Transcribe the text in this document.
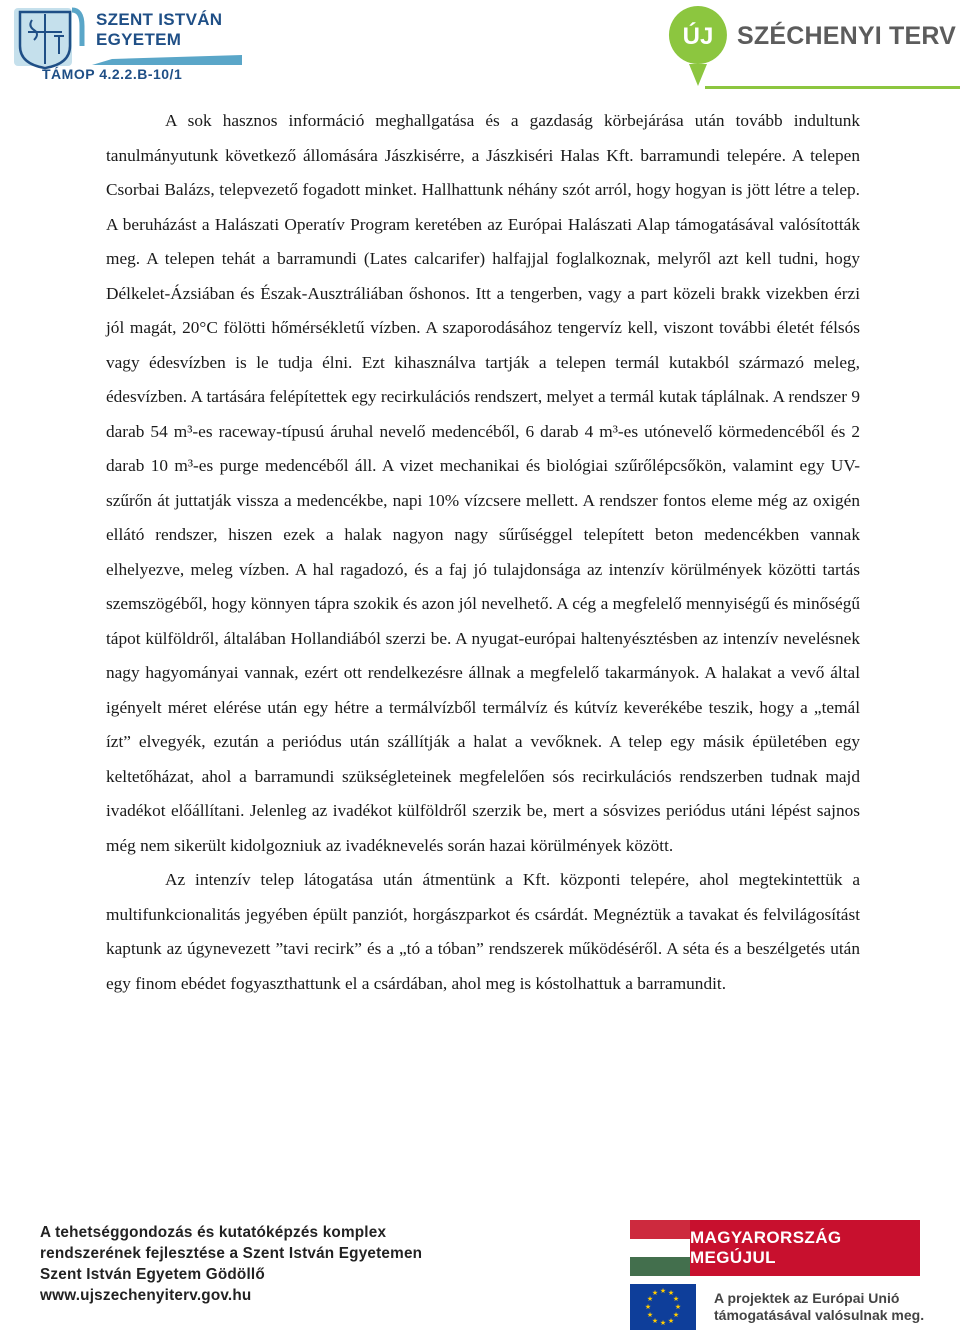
SZENT ISTVÁN
EGYETEM
TÁMOP 4.2.2.B-10/1
ÚJ SZÉCHENYI TERV

A sok hasznos információ meghallgatása és a gazdaság körbejárása után tovább indultunk tanulmányutunk következő állomására Jászkisérre, a Jászkiséri Halas Kft. barramundi telepére. A telepen Csorbai Balázs, telepvezető fogadott minket. Hallhattunk néhány szót arról, hogy hogyan is jött létre a telep. A beruházást a Halászati Operatív Program keretében az Európai Halászati Alap támogatásával valósították meg. A telepen tehát a barramundi (Lates calcarifer) halfajjal foglalkoznak, melyről azt kell tudni, hogy Délkelet-Ázsiában és Észak-Ausztráliában őshonos. Itt a tengerben, vagy a part közeli brakk vizekben érzi jól magát, 20°C fölötti hőmérsékletű vízben. A szaporodásához tengervíz kell, viszont további életét félsós vagy édesvízben is le tudja élni. Ezt kihasználva tartják a telepen termál kutakból származó meleg, édesvízben. A tartására felépítettek egy recirkulációs rendszert, melyet a termál kutak táplálnak. A rendszer 9 darab 54 m³-es raceway-típusú áruhal nevelő medencéből, 6 darab 4 m³-es utónevelő körmedencéből és 2 darab 10 m³-es purge medencéből áll. A vizet mechanikai és biológiai szűrőlépcsőkön, valamint egy UV-szűrőn át juttatják vissza a medencékbe, napi 10% vízcsere mellett. A rendszer fontos eleme még az oxigén ellátó rendszer, hiszen ezek a halak nagyon nagy sűrűséggel telepített beton medencékben vannak elhelyezve, meleg vízben. A hal ragadozó, és a faj jó tulajdonsága az intenzív körülmények közötti tartás szemszögéből, hogy könnyen tápra szokik és azon jól nevelhető. A cég a megfelelő mennyiségű és minőségű tápot külföldről, általában Hollandiából szerzi be. A nyugat-európai haltenyésztésben az intenzív nevelésnek nagy hagyományai vannak, ezért ott rendelkezésre állnak a megfelelő takarmányok. A halakat a vevő által igényelt méret elérése után egy hétre a termálvízből termálvíz és kútvíz keverékébe teszik, hogy a „temál ízt” elvegyék, ezután a periódus után szállítják a halat a vevőknek. A telep egy másik épületében egy keltetőházat, ahol a barramundi szükségleteinek megfelelően sós recirkulációs rendszerben tudnak majd ivadékot előállítani. Jelenleg az ivadékot külföldről szerzik be, mert a sósvizes periódus utáni lépést sajnos még nem sikerült kidolgozniuk az ivadéknevelés során hazai körülmények között.

Az intenzív telep látogatása után átmentünk a Kft. központi telepére, ahol megtekintettük a multifunkcionalitás jegyében épült panziót, horgászparkot és csárdát. Megnéztük a tavakat és felvilágosítást kaptunk az úgynevezett ”tavi recirk” és a „tó a tóban” rendszerek működéséről. A séta és a beszélgetés után egy finom ebédet fogyaszthattunk el a csárdában, ahol meg is kóstolhattuk a barramundit.

A tehetséggondozás és kutatóképzés komplex
rendszerének fejlesztése a Szent István Egyetemen
Szent István Egyetem Gödöllő
www.ujszechenyiterv.gov.hu
MAGYARORSZÁG MEGÚJUL
★ ★
★
★
★
★
★
★
★
★
★
★	A projektek az Európai Unió
támogatásával valósulnak meg.
